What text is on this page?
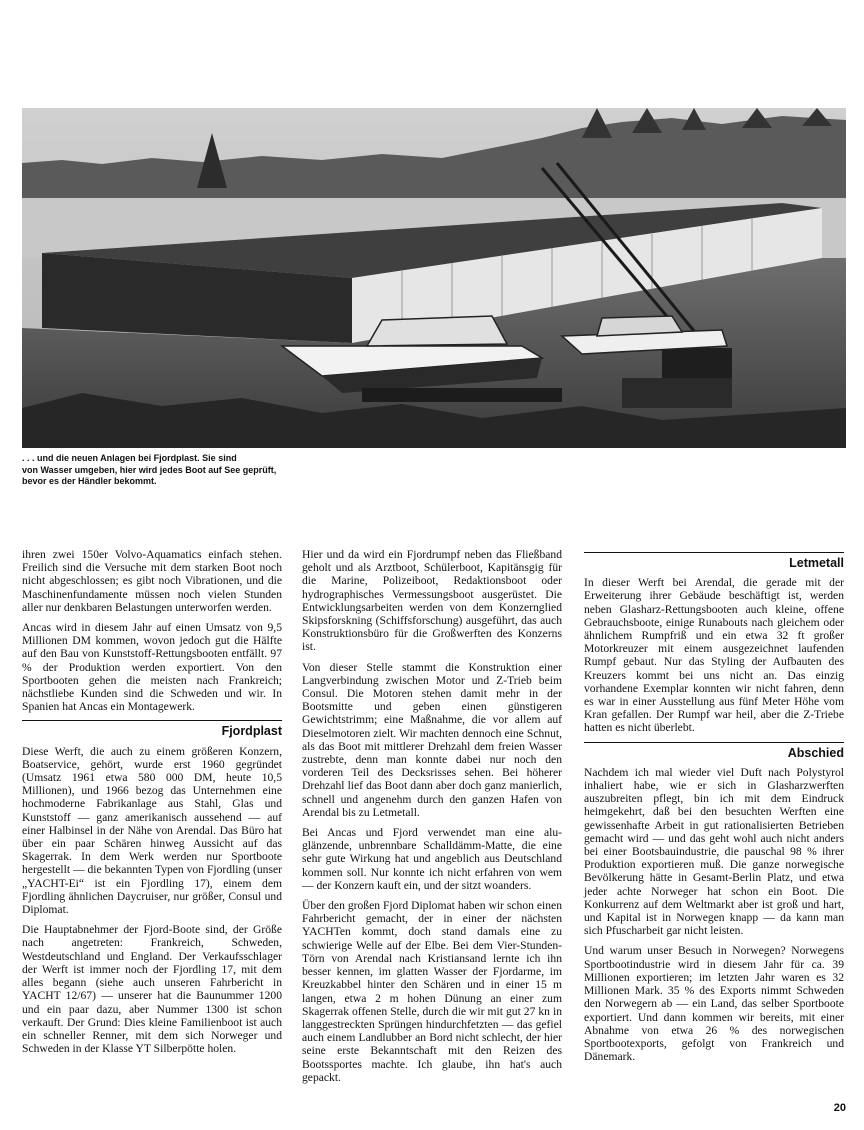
. . . und die neuen Anlagen bei Fjordplast. Sie sind
von Wasser umgeben, hier wird jedes Boot auf See geprüft,
bevor es der Händler bekommt.

ihren zwei 150er Volvo-Aquamatics einfach stehen. Freilich sind die Versuche mit dem starken Boot noch nicht abgeschlossen; es gibt noch Vibrationen, und die Maschinenfundamente müssen noch vielen Stunden aller nur denkbaren Belastungen unterworfen werden.

Ancas wird in diesem Jahr auf einen Umsatz von 9,5 Millionen DM kommen, wovon jedoch gut die Hälfte auf den Bau von Kunststoff-Rettungsbooten entfällt. 97 % der Produktion werden exportiert. Von den Sportbooten gehen die meisten nach Frankreich; nächstliebe Kunden sind die Schweden und wir. In Spanien hat Ancas ein Montagewerk.

Fjordplast

Diese Werft, die auch zu einem größeren Konzern, Boatservice, gehört, wurde erst 1960 gegründet (Umsatz 1961 etwa 580 000 DM, heute 10,5 Millionen), und 1966 bezog das Unternehmen eine hochmoderne Fabrikanlage aus Stahl, Glas und Kunststoff — ganz amerikanisch aussehend — auf einer Halbinsel in der Nähe von Arendal. Das Büro hat über ein paar Schären hinweg Aussicht auf das Skagerrak. In dem Werk werden nur Sportboote hergestellt — die bekannten Typen von Fjordling (unser „YACHT-Ei“ ist ein Fjordling 17), einem dem Fjordling ähnlichen Daycruiser, nur größer, Consul und Diplomat.

Die Hauptabnehmer der Fjord-Boote sind, der Größe nach angetreten: Frankreich, Schweden, Westdeutschland und England. Der Verkaufsschlager der Werft ist immer noch der Fjordling 17, mit dem alles begann (siehe auch unseren Fahrbericht in YACHT 12/67) — unserer hat die Baunummer 1200 und ein paar dazu, aber Nummer 1300 ist schon verkauft. Der Grund: Dies kleine Familienboot ist auch ein schneller Renner, mit dem sich Norweger und Schweden in der Klasse YT Silberpötte holen.

Hier und da wird ein Fjordrumpf neben das Fließband geholt und als Arztboot, Schülerboot, Kapitänsgig für die Marine, Polizeiboot, Redaktionsboot oder hydrographisches Vermessungsboot ausgerüstet. Die Entwicklungsarbeiten werden von dem Konzernglied Skipsforskning (Schiffsforschung) ausgeführt, das auch Konstruktionsbüro für die Großwerften des Konzerns ist.

Von dieser Stelle stammt die Konstruktion einer Langverbindung zwischen Motor und Z-Trieb beim Consul. Die Motoren stehen damit mehr in der Bootsmitte und geben einen günstigeren Gewichtstrimm; eine Maßnahme, die vor allem auf Dieselmotoren zielt. Wir machten dennoch eine Schnut, als das Boot mit mittlerer Drehzahl dem freien Wasser zustrebte, denn man konnte dabei nur noch den vorderen Teil des Decksrisses sehen. Bei höherer Drehzahl lief das Boot dann aber doch ganz manierlich, schnell und angenehm durch den ganzen Hafen von Arendal bis zu Letmetall.

Bei Ancas und Fjord verwendet man eine alu-glänzende, unbrennbare Schalldämm-Matte, die eine sehr gute Wirkung hat und angeblich aus Deutschland kommen soll. Nur konnte ich nicht erfahren von wem — der Konzern kauft ein, und der sitzt woanders.

Über den großen Fjord Diplomat haben wir schon einen Fahrbericht gemacht, der in einer der nächsten YACHTen kommt, doch stand damals eine zu schwierige Welle auf der Elbe. Bei dem Vier-Stunden-Törn von Arendal nach Kristiansand lernte ich ihn besser kennen, im glatten Wasser der Fjordarme, im Kreuzkabbel hinter den Schären und in einer 15 m langen, etwa 2 m hohen Dünung an einer zum Skagerrak offenen Stelle, durch die wir mit gut 27 kn in langgestreckten Sprüngen hindurchfetzten — das gefiel auch einem Landlubber an Bord nicht schlecht, der hier seine erste Bekanntschaft mit den Reizen des Bootssportes machte. Ich glaube, ihn hat's auch gepackt.

Letmetall

In dieser Werft bei Arendal, die gerade mit der Erweiterung ihrer Gebäude beschäftigt ist, werden neben Glasharz-Rettungsbooten auch kleine, offene Gebrauchsboote, einige Runabouts nach gleichem oder ähnlichem Rumpfriß und ein etwa 32 ft großer Motorkreuzer mit einem ausgezeichnet laufenden Rumpf gebaut. Nur das Styling der Aufbauten des Kreuzers kommt bei uns nicht an. Das einzig vorhandene Exemplar konnten wir nicht fahren, denn es war in einer Ausstellung aus fünf Meter Höhe vom Kran gefallen. Der Rumpf war heil, aber die Z-Triebe hatten es nicht überlebt.

Abschied

Nachdem ich mal wieder viel Duft nach Polystyrol inhaliert habe, wie er sich in Glasharzwerften auszubreiten pflegt, bin ich mit dem Eindruck heimgekehrt, daß bei den besuchten Werften eine gewissenhafte Arbeit in gut rationalisierten Betrieben gemacht wird — und das geht wohl auch nicht anders bei einer Bootsbauindustrie, die pauschal 98 % ihrer Produktion exportieren muß. Die ganze norwegische Bevölkerung hätte in Gesamt-Berlin Platz, und etwa jeder achte Norweger hat schon ein Boot. Die Konkurrenz auf dem Weltmarkt aber ist groß und hart, und Kapital ist in Norwegen knapp — da kann man sich Pfuscharbeit gar nicht leisten.

Und warum unser Besuch in Norwegen? Norwegens Sportbootindustrie wird in diesem Jahr für ca. 39 Millionen exportieren; im letzten Jahr waren es 32 Millionen Mark. 35 % des Exports nimmt Schweden den Norwegern ab — ein Land, das selber Sportboote exportiert. Und dann kommen wir bereits, mit einer Abnahme von etwa 26 % des norwegischen Sportbootexports, gefolgt von Frankreich und Dänemark.

20
